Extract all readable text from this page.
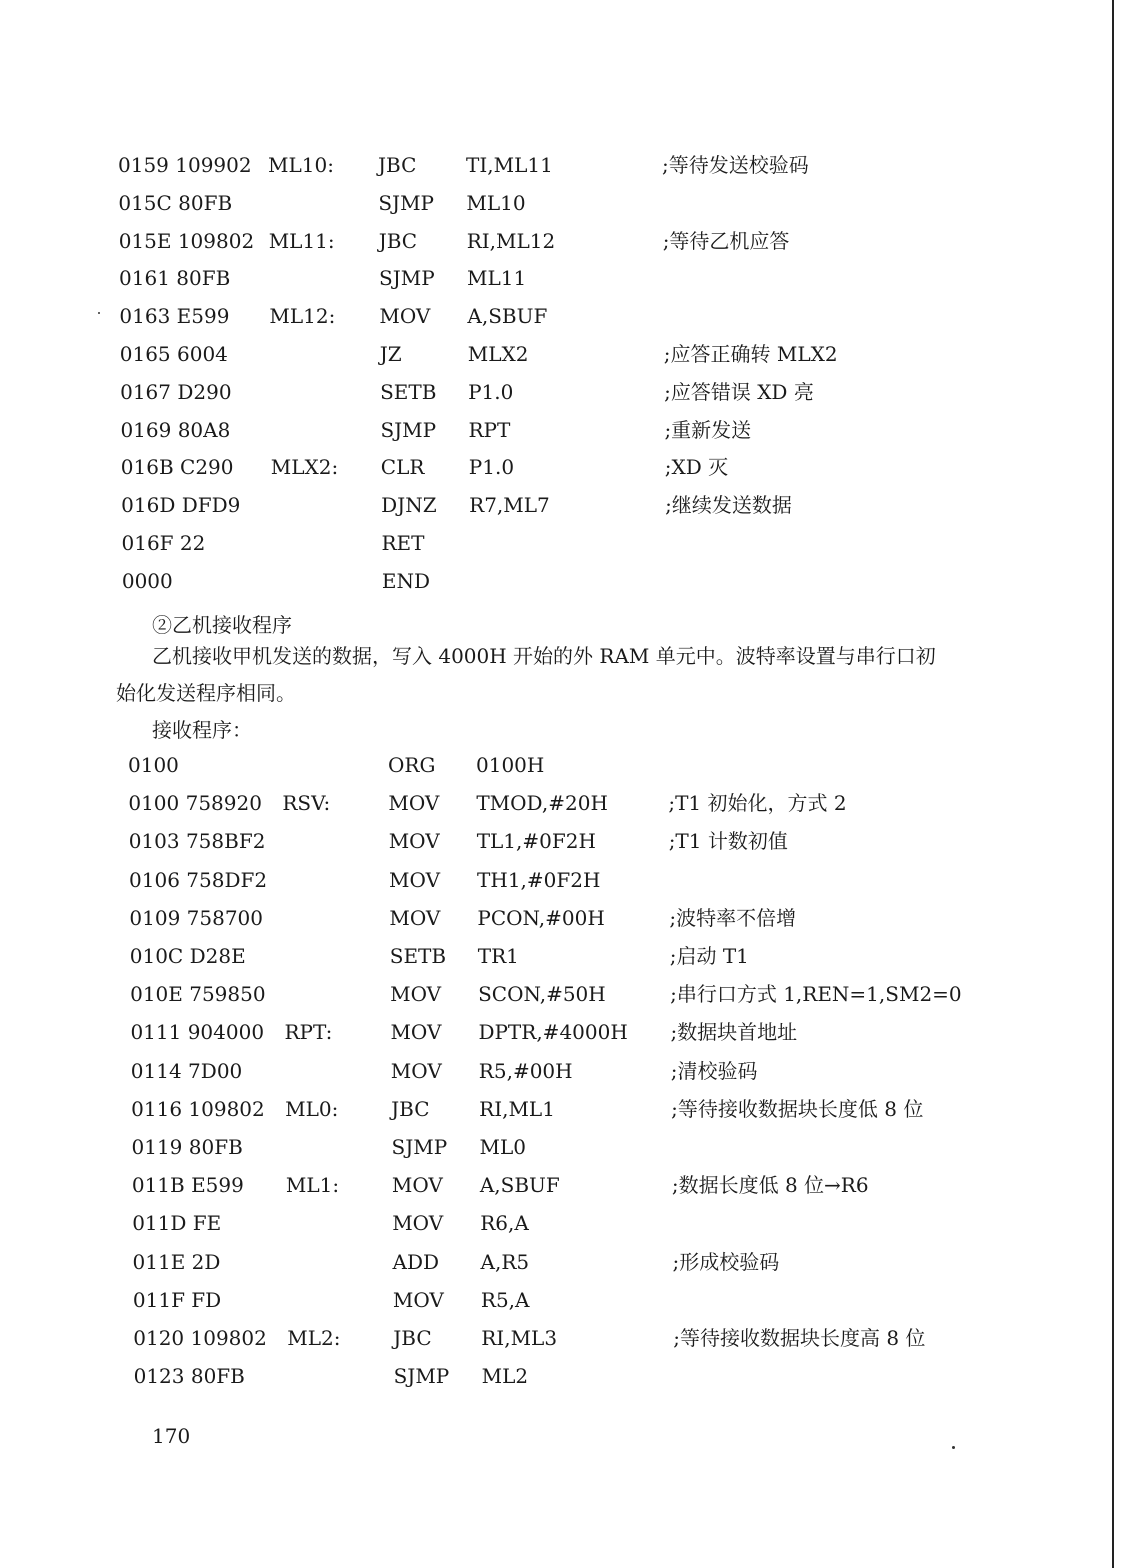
0159 109902 ML10: JBC TI,ML11	;等待发送校验码
015C 80FB	SJMP ML10
015E 109802 ML11: JBC RI,ML12	;等待乙机应答
0161 80FB	SJMP ML11
0163 E599 ML12: MOV A,SBUF
0165 6004	JZ	MLX2	;应答正确转 MLX2
0167 D290	SETB P1.0	;应答错误 XD 亮
0169 80A8	SJMP RPT	;重新发送
016B C290 MLX2: CLR P1.0	;XD 灭
016D DFD9	DJNZ R7,ML7	;继续发送数据
016F 22	RET
0000	END
②乙机接收程序
乙机接收甲机发送的数据，写入 4000H 开始的外 RAM 单元中。波特率设置与串行口初
始化发送程序相同。
接收程序：
0100	ORG 0100H
0100 758920 RSV:	MOV TMOD,#20H	;T1 初始化，方式 2
0103 758BF2	MOV TL1,#0F2H	;T1 计数初值
0106 758DF2	MOV TH1,#0F2H
0109 758700	MOV PCON,#00H	;波特率不倍增
010C D28E	SETB TR1	;启动 T1
010E 759850	MOV SCON,#50H	;串行口方式 1,REN=1,SM2=0
0111 904000 RPT:	MOV DPTR,#4000H ;数据块首地址
0114 7D00	MOV R5,#00H	;清校验码
0116 109802 ML0:	JBC RI,ML1	;等待接收数据块长度低 8 位
0119 80FB	SJMP ML0
011B E599 ML1:	MOV A,SBUF	;数据长度低 8 位→R6
011D FE	MOV R6,A
011E 2D	ADD A,R5	;形成校验码
011F FD	MOV R5,A
0120 109802 ML2:	JBC RI,ML3	;等待接收数据块长度高 8 位
0123 80FB	SJMP ML2
170
